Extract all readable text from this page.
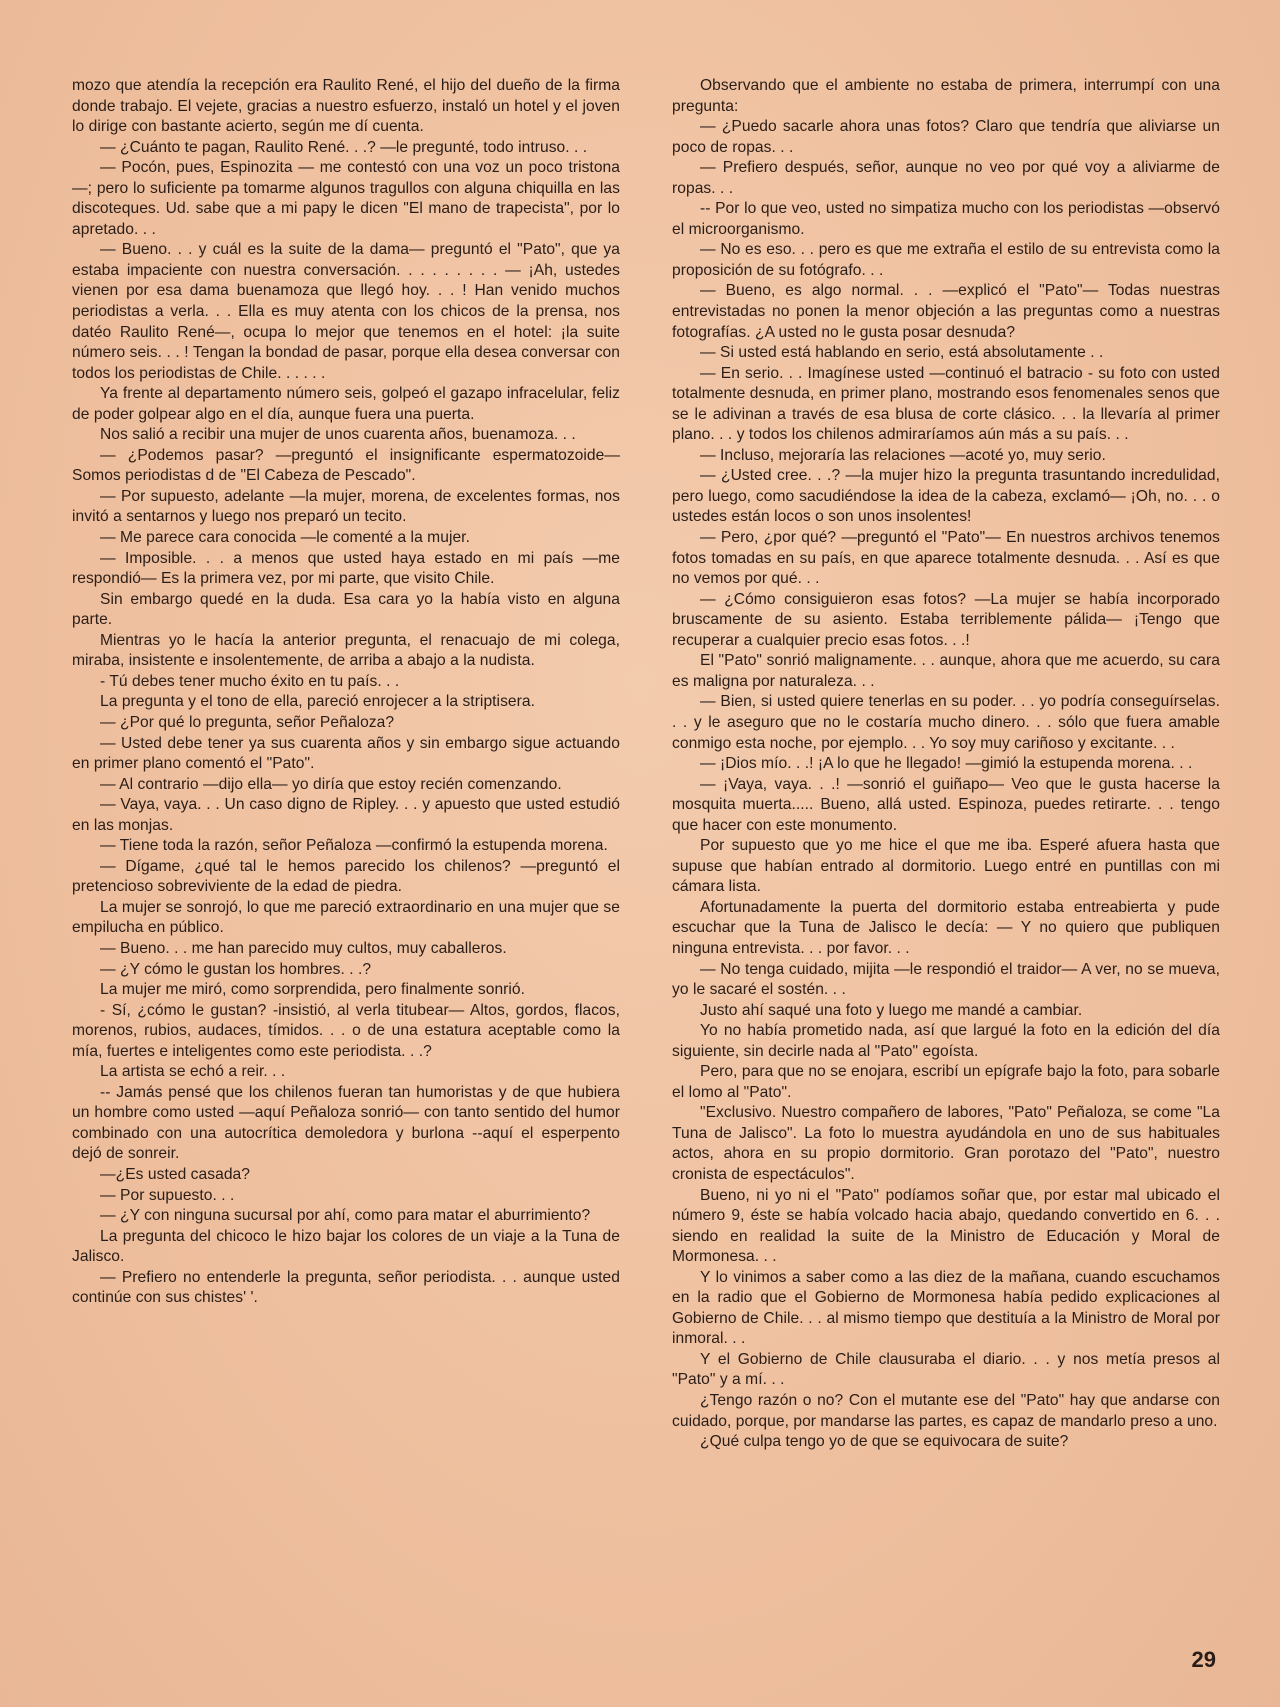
mozo que atendía la recepción era Raulito René, el hijo del dueño de la firma donde trabajo. El vejete, gracias a nuestro esfuerzo, instaló un hotel y el joven lo dirige con bastante acierto, según me dí cuenta.

— ¿Cuánto te pagan, Raulito René. . .? —le pregunté, todo intruso. . .

— Pocón, pues, Espinozita — me contestó con una voz un poco tristona—; pero lo suficiente pa tomarme algunos tragullos con alguna chiquilla en las discoteques. Ud. sabe que a mi papy le dicen "El mano de trapecista", por lo apretado. . .

— Bueno. . . y cuál es la suite de la dama— preguntó el "Pato", que ya estaba impaciente con nuestra conversación. . . . . . . . . — ¡Ah, ustedes vienen por esa dama buenamoza que llegó hoy. . . ! Han venido muchos periodistas a verla. . . Ella es muy atenta con los chicos de la prensa, nos datéo Raulito René—, ocupa lo mejor que tenemos en el hotel: ¡la suite número seis. . . ! Tengan la bondad de pasar, porque ella desea conversar con todos los periodistas de Chile. . . . . .

Ya frente al departamento número seis, golpeó el gazapo infracelular, feliz de poder golpear algo en el día, aunque fuera una puerta.

Nos salió a recibir una mujer de unos cuarenta años, buenamoza. . .

— ¿Podemos pasar? —preguntó el insignificante espermatozoide— Somos periodistas d de "El Cabeza de Pescado".

— Por supuesto, adelante —la mujer, morena, de excelentes formas, nos invitó a sentarnos y luego nos preparó un tecito.

— Me parece cara conocida —le comenté a la mujer.

— Imposible. . . a menos que usted haya estado en mi país —me respondió— Es la primera vez, por mi parte, que visito Chile.

Sin embargo quedé en la duda. Esa cara yo la había visto en alguna parte.

Mientras yo le hacía la anterior pregunta, el renacuajo de mi colega, miraba, insistente e insolentemente, de arriba a abajo a la nudista.

- Tú debes tener mucho éxito en tu país. . .

La pregunta y el tono de ella, pareció enrojecer a la striptisera.

— ¿Por qué lo pregunta, señor Peñaloza?

— Usted debe tener ya sus cuarenta años y sin embargo sigue actuando en primer plano comentó el "Pato".

— Al contrario —dijo ella— yo diría que estoy recién comenzando.

— Vaya, vaya. . . Un caso digno de Ripley. . . y apuesto que usted estudió en las monjas.

— Tiene toda la razón, señor Peñaloza —confirmó la estupenda morena.

— Dígame, ¿qué tal le hemos parecido los chilenos? —preguntó el pretencioso sobreviviente de la edad de piedra.

La mujer se sonrojó, lo que me pareció extraordinario en una mujer que se empilucha en público.

— Bueno. . . me han parecido muy cultos, muy caballeros.

— ¿Y cómo le gustan los hombres. . .?

La mujer me miró, como sorprendida, pero finalmente sonrió.

- Sí, ¿cómo le gustan? -insistió, al verla titubear— Altos, gordos, flacos, morenos, rubios, audaces, tímidos. . . o de una estatura aceptable como la mía, fuertes e inteligentes como este periodista. . .?

La artista se echó a reir. . .

-- Jamás pensé que los chilenos fueran tan humoristas y de que hubiera un hombre como usted —aquí Peñaloza sonrió— con tanto sentido del humor combinado con una autocrítica demoledora y burlona --aquí el esperpento dejó de sonreir.

—¿Es usted casada?

— Por supuesto. . .

— ¿Y con ninguna sucursal por ahí, como para matar el aburrimiento?

La pregunta del chicoco le hizo bajar los colores de un viaje a la Tuna de Jalisco.

— Prefiero no entenderle la pregunta, señor periodista. . . aunque usted continúe con sus chistes' '.

Observando que el ambiente no estaba de primera, interrumpí con una pregunta:

— ¿Puedo sacarle ahora unas fotos? Claro que tendría que aliviarse un poco de ropas. . .

— Prefiero después, señor, aunque no veo por qué voy a aliviarme de ropas. . .

-- Por lo que veo, usted no simpatiza mucho con los periodistas —observó el microorganismo.

— No es eso. . . pero es que me extraña el estilo de su entrevista como la proposición de su fotógrafo. . .

— Bueno, es algo normal. . . —explicó el "Pato"— Todas nuestras entrevistadas no ponen la menor objeción a las preguntas como a nuestras fotografías. ¿A usted no le gusta posar desnuda?

— Si usted está hablando en serio, está absolutamente . .

— En serio. . . Imagínese usted —continuó el batracio - su foto con usted totalmente desnuda, en primer plano, mostrando esos fenomenales senos que se le adivinan a través de esa blusa de corte clásico. . . la llevaría al primer plano. . . y todos los chilenos admiraríamos aún más a su país. . .

— Incluso, mejoraría las relaciones —acoté yo, muy serio.

— ¿Usted cree. . .? —la mujer hizo la pregunta trasuntando incredulidad, pero luego, como sacudiéndose la idea de la cabeza, exclamó— ¡Oh, no. . . o ustedes están locos o son unos insolentes!

— Pero, ¿por qué? —preguntó el "Pato"— En nuestros archivos tenemos fotos tomadas en su país, en que aparece totalmente desnuda. . . Así es que no vemos por qué. . .

— ¿Cómo consiguieron esas fotos? —La mujer se había incorporado bruscamente de su asiento. Estaba terriblemente pálida— ¡Tengo que recuperar a cualquier precio esas fotos. . .!

El "Pato" sonrió malignamente. . . aunque, ahora que me acuerdo, su cara es maligna por naturaleza. . .

— Bien, si usted quiere tenerlas en su poder. . . yo podría conseguírselas. . . y le aseguro que no le costaría mucho dinero. . . sólo que fuera amable conmigo esta noche, por ejemplo. . . Yo soy muy cariñoso y excitante. . .

— ¡Dios mío. . .! ¡A lo que he llegado! —gimió la estupenda morena. . .

— ¡Vaya, vaya. . .! —sonrió el guiñapo— Veo que le gusta hacerse la mosquita muerta..... Bueno, allá usted. Espinoza, puedes retirarte. . . tengo que hacer con este monumento.

Por supuesto que yo me hice el que me iba. Esperé afuera hasta que supuse que habían entrado al dormitorio. Luego entré en puntillas con mi cámara lista.

Afortunadamente la puerta del dormitorio estaba entreabierta y pude escuchar que la Tuna de Jalisco le decía: — Y no quiero que publiquen ninguna entrevista. . . por favor. . .

— No tenga cuidado, mijita —le respondió el traidor— A ver, no se mueva, yo le sacaré el sostén. . .

Justo ahí saqué una foto y luego me mandé a cambiar.

Yo no había prometido nada, así que largué la foto en la edición del día siguiente, sin decirle nada al "Pato" egoísta.

Pero, para que no se enojara, escribí un epígrafe bajo la foto, para sobarle el lomo al "Pato".

"Exclusivo. Nuestro compañero de labores, "Pato" Peñaloza, se come "La Tuna de Jalisco". La foto lo muestra ayudándola en uno de sus habituales actos, ahora en su propio dormitorio. Gran porotazo del "Pato", nuestro cronista de espectáculos".

Bueno, ni yo ni el "Pato" podíamos soñar que, por estar mal ubicado el número 9, éste se había volcado hacia abajo, quedando convertido en 6. . . siendo en realidad la suite de la Ministro de Educación y Moral de Mormonesa. . .

Y lo vinimos a saber como a las diez de la mañana, cuando escuchamos en la radio que el Gobierno de Mormonesa había pedido explicaciones al Gobierno de Chile. . . al mismo tiempo que destituía a la Ministro de Moral por inmoral. . .

Y el Gobierno de Chile clausuraba el diario. . . y nos metía presos al "Pato" y a mí. . .

¿Tengo razón o no? Con el mutante ese del "Pato" hay que andarse con cuidado, porque, por mandarse las partes, es capaz de mandarlo preso a uno.

¿Qué culpa tengo yo de que se equivocara de suite?

29
